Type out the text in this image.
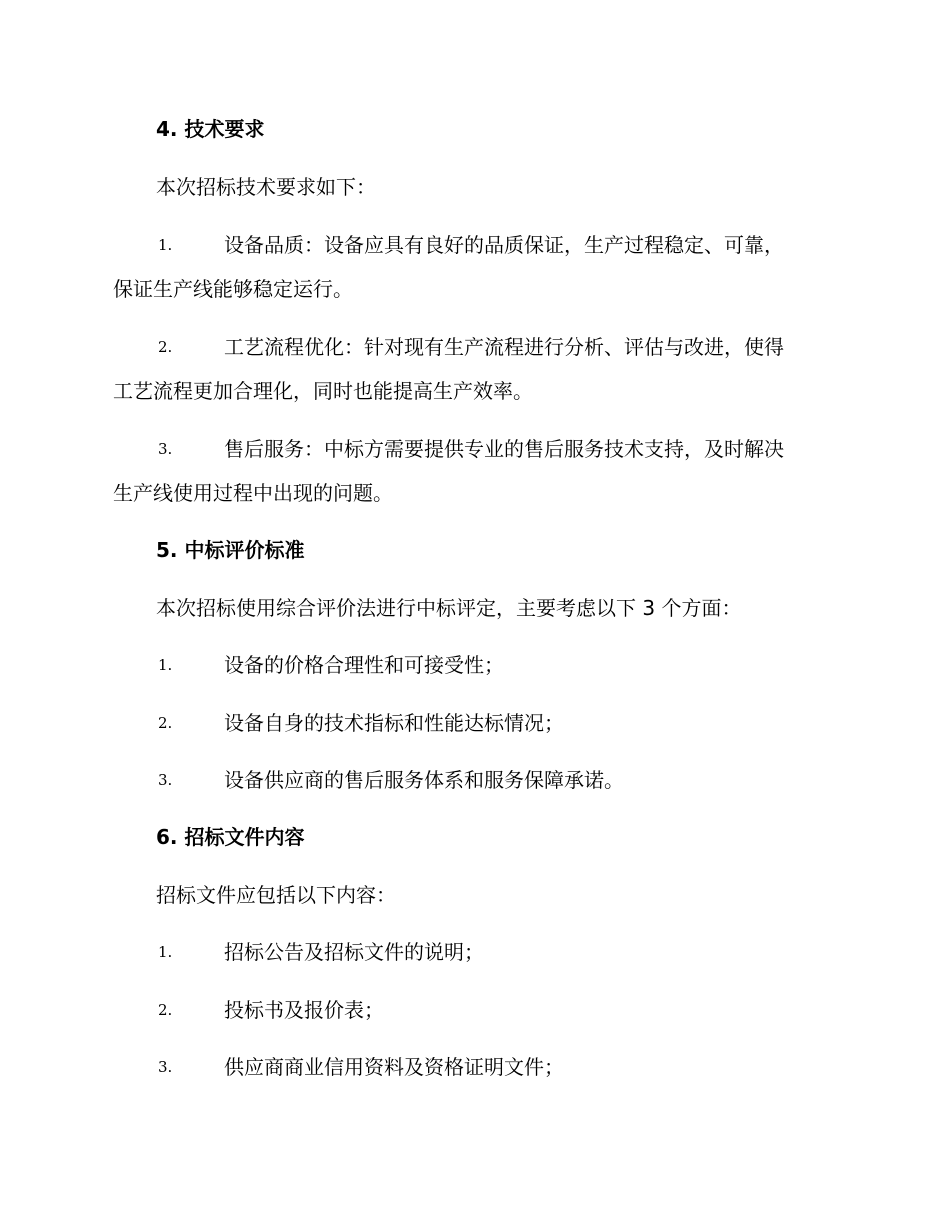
4. 技术要求
本次招标技术要求如下：
1.	设备品质：设备应具有良好的品质保证，生产过程稳定、可靠，
保证生产线能够稳定运行。
2.	工艺流程优化：针对现有生产流程进行分析、评估与改进，使得
工艺流程更加合理化，同时也能提高生产效率。
3.	售后服务：中标方需要提供专业的售后服务技术支持，及时解决
生产线使用过程中出现的问题。
5. 中标评价标准
本次招标使用综合评价法进行中标评定，主要考虑以下 3 个方面：
1.	设备的价格合理性和可接受性；
2.	设备自身的技术指标和性能达标情况；
3.	设备供应商的售后服务体系和服务保障承诺。
6. 招标文件内容
招标文件应包括以下内容：
1.	招标公告及招标文件的说明；
2.	投标书及报价表；
3.	供应商商业信用资料及资格证明文件；
